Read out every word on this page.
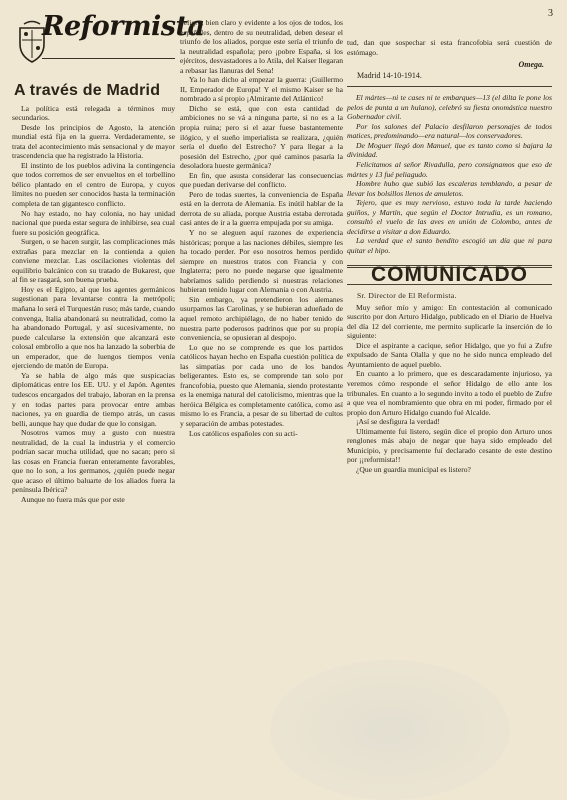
3
Reformista
A través de Madrid

La política está relegada a términos muy secundarios.

Desde los principios de Agosto, la atención mundial está fija en la guerra. Verdaderamente, se trata del acontecimiento más sensacional y de mayor trascendencia que ha registrado la Historia.

El instinto de los pueblos adivina la contingencia que todos corremos de ser envueltos en el torbellino bélico plantado en el centro de Europa, y cuyos límites no pueden ser conocidos hasta la terminación completa de tan gigantesco conflicto.

No hay estado, no hay colonia, no hay unidad nacional que pueda estar segura de inhibirse, sea cual fuere su posición geográfica.

Surgen, o se hacen surgir, las complicaciones más extrañas para mezclar en la contienda a quien conviene mezclar. Las oscilaciones violentas del equilibrio balcánico con su tratado de Bukarest, que al fin se rasgará, son buena prueba.

Hoy es el Egipto, al que los agentes germánicos sugestionan para levantarse contra la metrópoli; mañana lo será el Turquestán ruso; más tarde, cuando convenga, Italia abandonará su neutralidad, como la ha abandonado Portugal, y así sucesivamente, no puede calcularse la extensión que alcanzará este colosal embrollo a que nos ha lanzado la soberbia de un emperador, que de luengos tiempos venía ejerciendo de matón de Europa.

Ya se habla de algo más que suspicacias diplomáticas entre los EE. UU. y el Japón. Agentes tudescos encargados del trabajo, laboran en la prensa y en todas partes para provocar entre ambas naciones, ya en guardia de tiempo atrás, un casus belli, aunque hay que dudar de que lo consigan.

Nosotros vamos muy a gusto con nuestra neutralidad, de la cual la industria y el comercio podrían sacar mucha utilidad, que no sacan; pero si las cosas en Francia fueran enteramente favorables, que no lo son, a los germanos, ¿quién puede negar que acaso el último baluarte de los aliados fuera la península Ibérica?

Aunque no fuera más que por este

peligro, bien claro y evidente a los ojos de todos, los españoles, dentro de su neutralidad, deben desear el triunfo de los aliados, porque este sería el triunfo de la neutralidad española; pero ¡pobre España, si los ejércitos, desvastadores a lo Atila, del Kaiser llegaran a rebasar las llanuras del Sena!

Ya lo han dicho al empezar la guerra: ¡Guillermo II, Emperador de Europa! Y el mismo Kaiser se ha nombrado a sí propio ¡Almirante del Atlántico!

Dicho se está, que con esta cantidad de ambiciones no se vá a ninguna parte, si no es a la propia ruina; pero si el azar fuese bastantemente ilógico, y el sueño imperialista se realizara, ¿quién sería el dueño del Estrecho? Y para llegar a la posesión del Estrecho, ¿por qué caminos pasaría la desoladora hueste germánica?

En fin, que asusta considerar las consecuencias que puedan derivarse del conflicto.

Pero de todas suertes, la conveniencia de España está en la derrota de Alemania. Es inútil hablar de la derrota de su aliada, porque Austria estaba derrotada casi antes de ir a la guerra empujada por su amiga.

Y no se aleguen aquí razones de experiencia históricas; porque a las naciones débiles, siempre les ha tocado perder. Por eso nosotros hemos perdido siempre en nuestros tratos con Francia y con Inglaterra; pero no puede negarse que igualmente habríamos salido perdiendo si nuestras relaciones hubieran tenido lugar con Alemania o con Austria.

Sin embargo, ya pretendieron los alemanes usurparnos las Carolinas, y se hubieran adueñado de aquel remoto archipiélago, de no haber tenido de nuestra parte poderosos padrinos que por su propia conveniencia, se opusieran al despojo.

Lo que no se comprende es que los partidos católicos hayan hecho en España cuestión política de las simpatías por cada uno de los bandos beligerantes. Esto es, se comprende tan solo por francofobia, puesto que Alemania, siendo protestante es la enemiga natural del catolicismo, mientras que la heróica Bélgica es completamente católica, como así mismo lo es Francia, a pesar de su libertad de cultos y separación de ambas potestades.

Los católicos españoles con su acti-

tud, dan que sospechar si esta francofobia será cuestión de estómago.

Omega.
Madrid 14-10-1914.

El mártes—ni te cases ni te embarques—13 (el dilta le pone los pelos de punta a un hulano), celebró su fiesta onomástica nuestro Gobernador civil.

Por los salones del Palacio desfilaron personajes de todos matices, predominando—era natural—los conservadores.

De Moguer llegó don Manuel, que es tanto como si bajara la divinidad.

Felicitamos al señor Rivadulla, pero consignamos que eso de mártes y 13 fué peliagudo.

Hombre hubo que subió las escaleras temblando, a pesar de llevar los bolsillos llenos de amuletos.

Tejero, que es muy nervioso, estuvo toda la tarde haciendo guiños, y Martín, que según el Doctor Intrudia, es un romano, consultó el vuelo de las aves en unión de Colombo, antes de decidirse a visitar a don Eduardo.

La verdad que el santo bendito escogió un día que ni para quitar el hipo.

COMUNICADO
Sr. Director de El Reformista.

Muy señor mío y amigo: En contestación al comunicado suscrito por don Arturo Hidalgo, publicado en el Diario de Huelva del día 12 del corriente, me permito suplicarle la inserción de lo siguiente:

Dice el aspirante a cacique, señor Hidalgo, que yo fui a Zufre expulsado de Santa Olalla y que no he sido nunca empleado del Ayuntamiento de aquel pueblo.

En cuanto a lo primero, que es descaradamente injurioso, ya veremos cómo responde el señor Hidalgo de ello ante los tribunales. En cuanto a lo segundo invito a todo el pueblo de Zufre a que vea el nombramiento que obra en mi poder, firmado por el propio don Arturo Hidalgo cuando fué Alcalde.

¡Así se desfigura la verdad!

Ultimamente fui listero, según dice el propio don Arturo unos renglones más abajo de negar que haya sido empleado del Municipio, y precisamente fuí declarado cesante de este destino por ¡¡reformista!!

¿Que un guardia municipal es listero?
